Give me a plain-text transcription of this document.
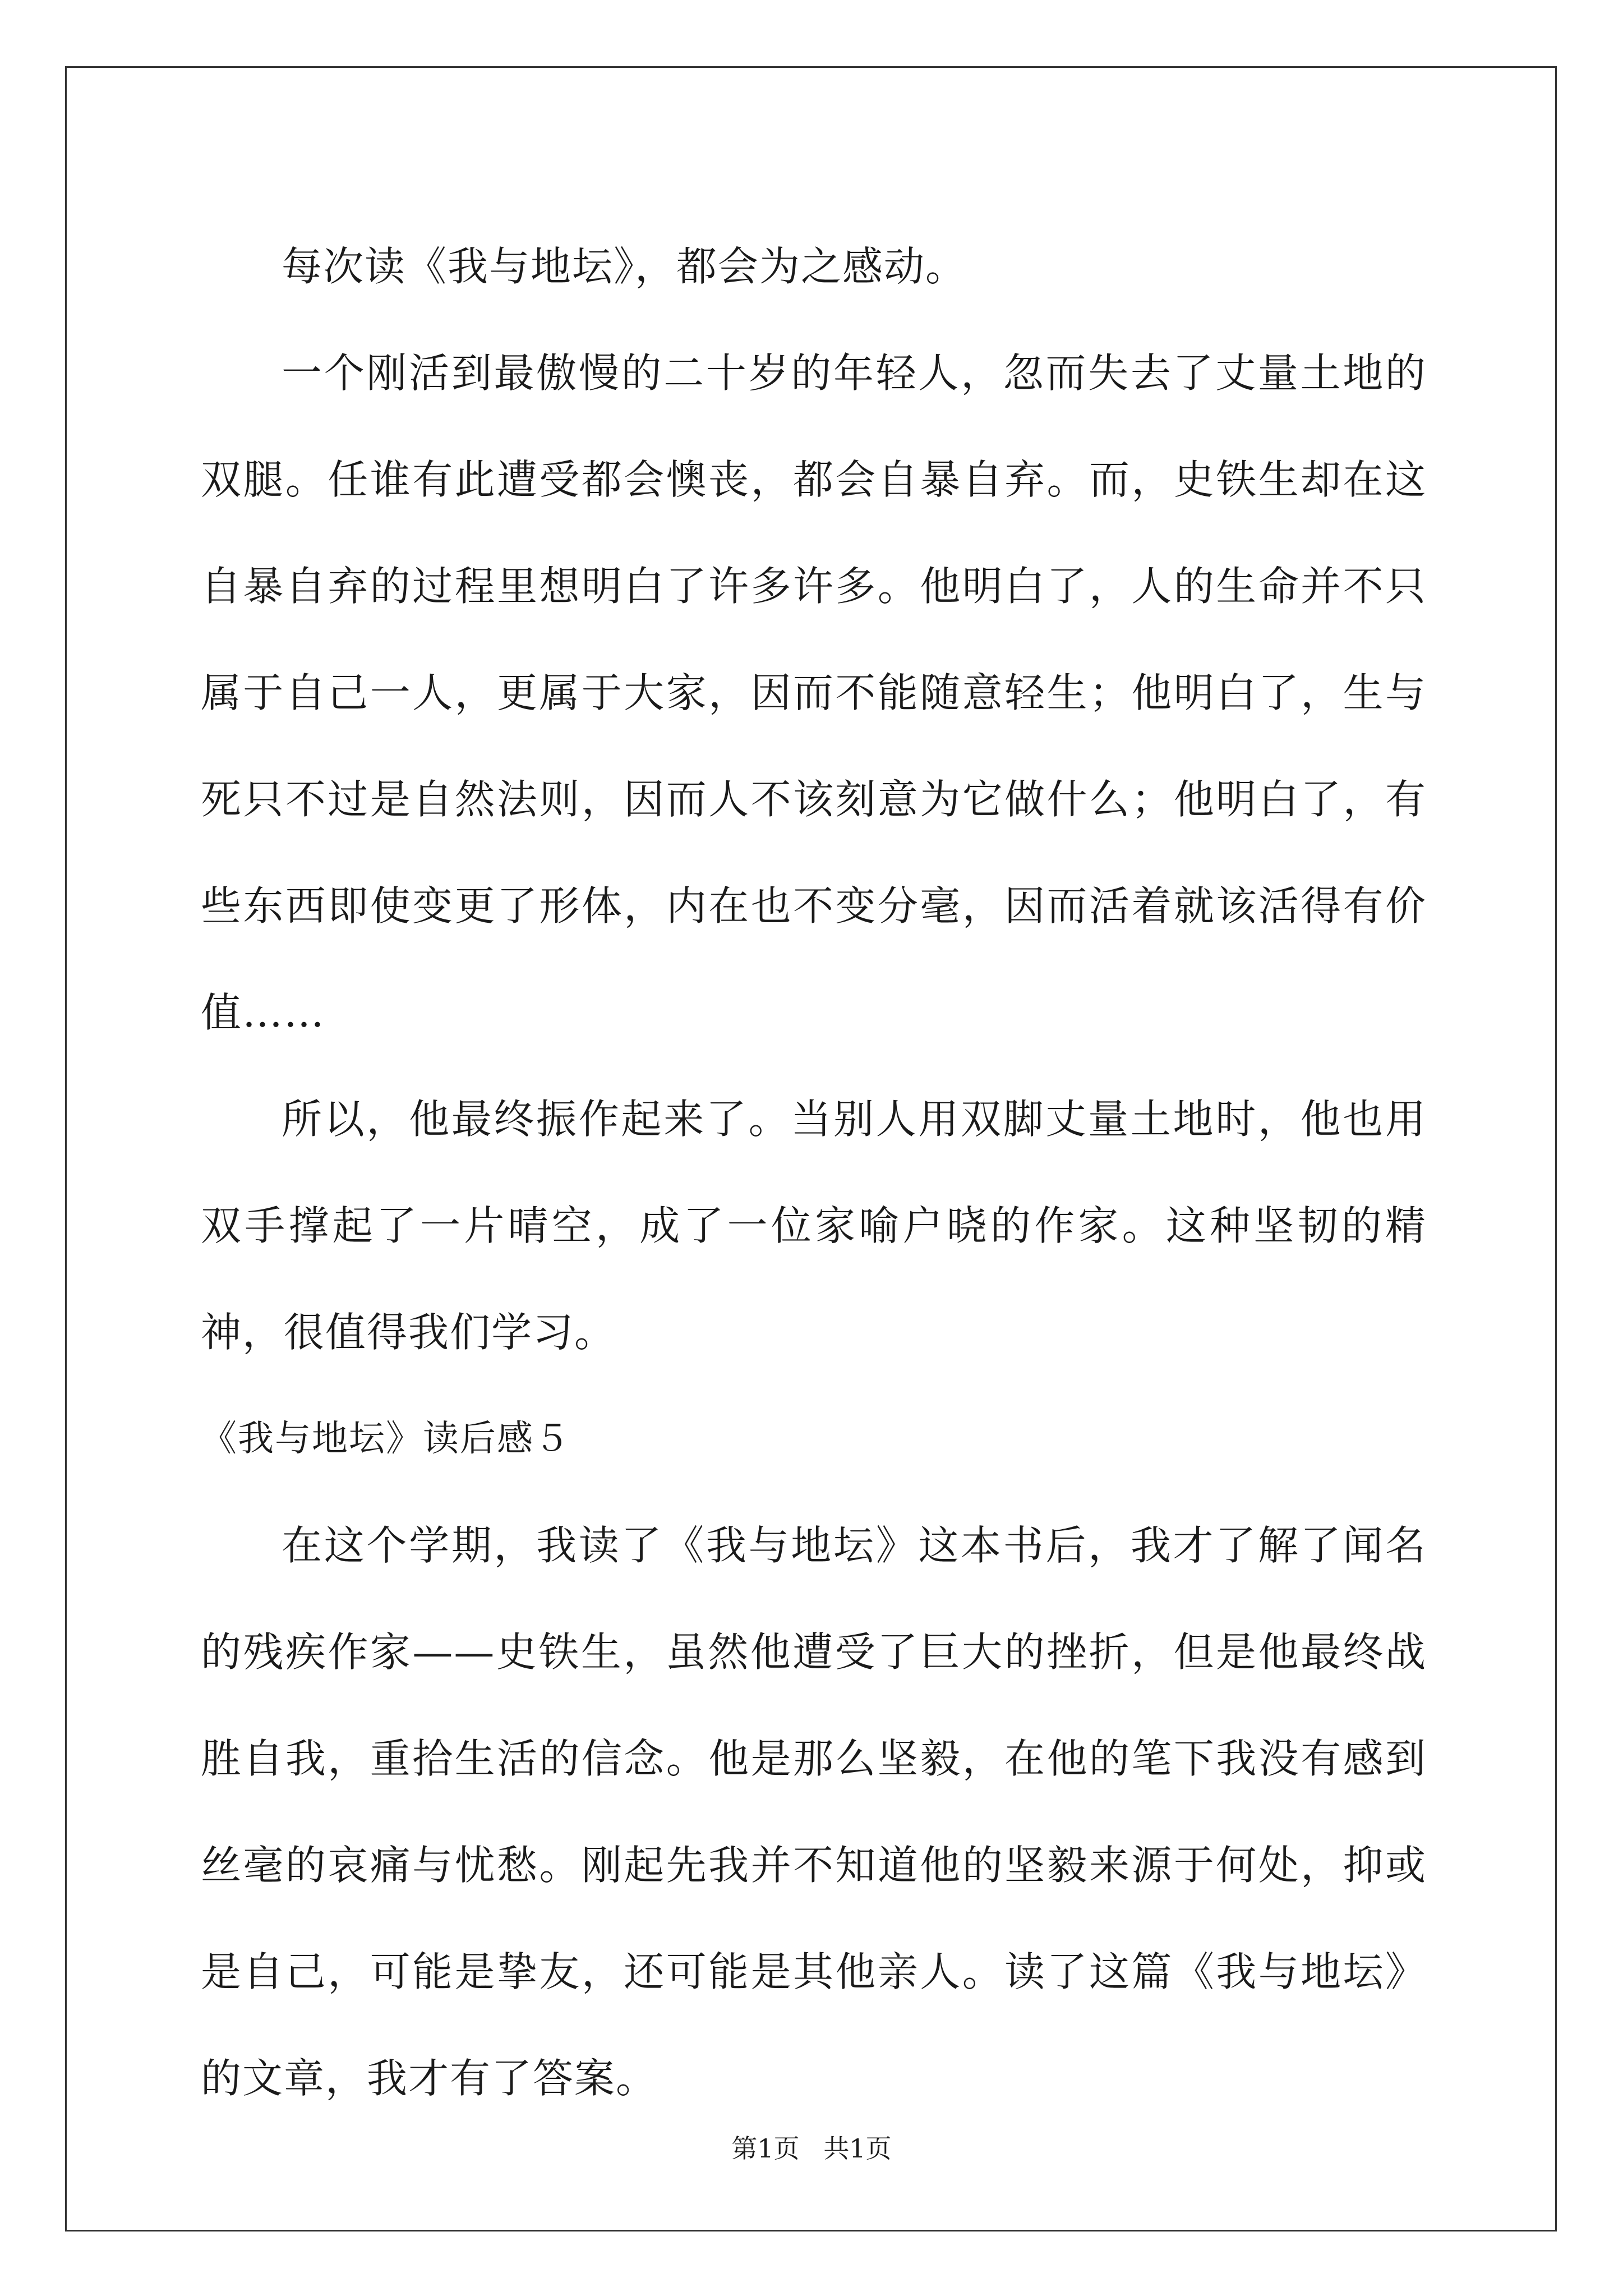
每次读《我与地坛》，都会为之感动。

一个刚活到最傲慢的二十岁的年轻人，忽而失去了丈量土地的双腿。任谁有此遭受都会懊丧，都会自暴自弃。而，史铁生却在这自暴自弃的过程里想明白了许多许多。他明白了，人的生命并不只属于自己一人，更属于大家，因而不能随意轻生；他明白了，生与死只不过是自然法则，因而人不该刻意为它做什么；他明白了，有些东西即使变更了形体，内在也不变分毫，因而活着就该活得有价值……

所以，他最终振作起来了。当别人用双脚丈量土地时，他也用双手撑起了一片晴空，成了一位家喻户晓的作家。这种坚韧的精神，很值得我们学习。

《我与地坛》读后感５

在这个学期，我读了《我与地坛》这本书后，我才了解了闻名的残疾作家——史铁生，虽然他遭受了巨大的挫折，但是他最终战胜自我，重拾生活的信念。他是那么坚毅，在他的笔下我没有感到丝毫的哀痛与忧愁。刚起先我并不知道他的坚毅来源于何处，抑或是自己，可能是挚友，还可能是其他亲人。读了这篇《我与地坛》的文章，我才有了答案。

第1页 共1页
